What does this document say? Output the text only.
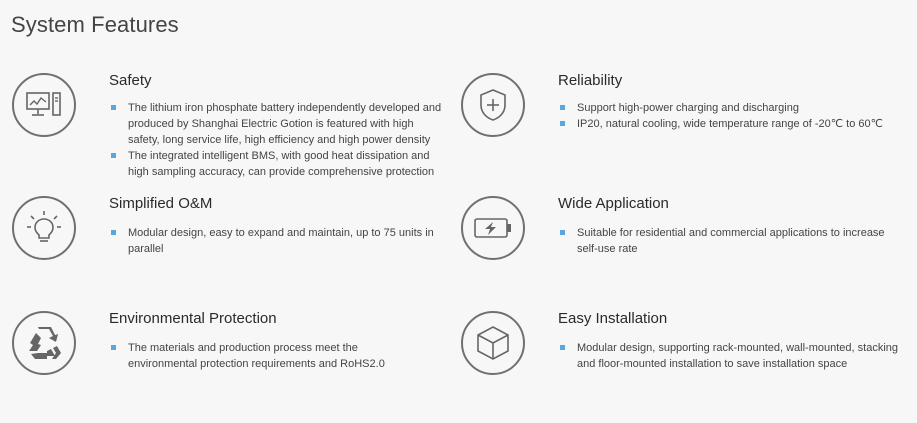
System Features
Safety
The lithium iron phosphate battery independently developed and produced by Shanghai Electric Gotion is featured with high safety, long service life, high efficiency and high power density
The integrated intelligent BMS, with good heat dissipation and high sampling accuracy, can provide comprehensive protection
Reliability
Support high-power charging and discharging
IP20, natural cooling, wide temperature range of -20℃ to 60℃
Simplified O&M
Modular design, easy to expand and maintain, up to 75 units in parallel
Wide Application
Suitable for residential and commercial applications to increase self-use rate
Environmental Protection
The materials and production process meet the environmental protection requirements and RoHS2.0
Easy Installation
Modular design, supporting rack-mounted, wall-mounted, stacking and floor-mounted installation to save installation space
